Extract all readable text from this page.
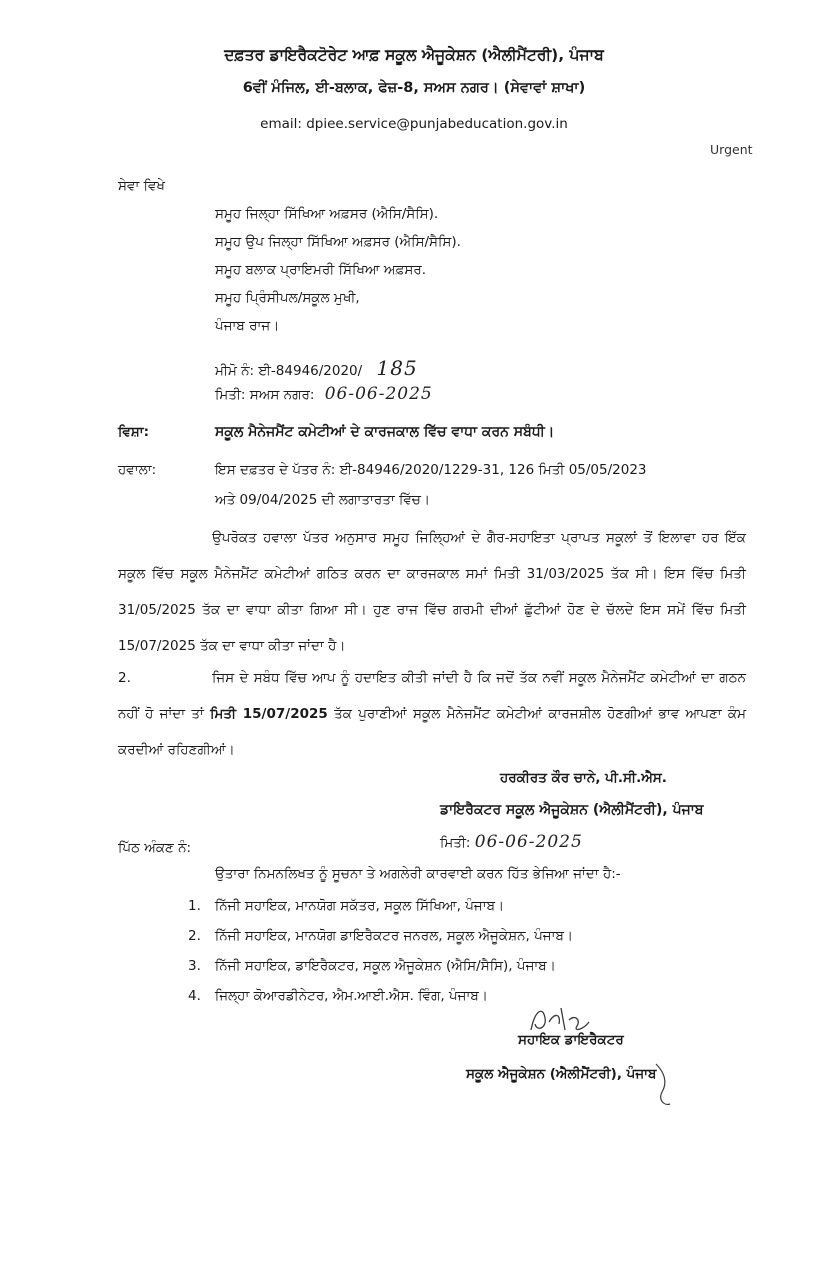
ਦਫ਼ਤਰ ਡਾਇਰੈਕਟੋਰੇਟ ਆਫ਼ ਸਕੂਲ ਐਜੂਕੇਸ਼ਨ (ਐਲੀਮੈਂਟਰੀ), ਪੰਜਾਬ
6ਵੀਂ ਮੰਜਿਲ, ਈ-ਬਲਾਕ, ਫੇਜ਼-8, ਸਅਸ ਨਗਰ। (ਸੇਵਾਵਾਂ ਸ਼ਾਖਾ)
email: dpiee.service@punjabeducation.gov.in
Urgent
ਸੇਵਾ ਵਿਖੇ
ਸਮੂਹ ਜਿਲ੍ਹਾ ਸਿੱਖਿਆ ਅਫ਼ਸਰ (ਐਸਿ/ਸੈਸਿ).
ਸਮੂਹ ਉਪ ਜਿਲ੍ਹਾ ਸਿੱਖਿਆ ਅਫ਼ਸਰ (ਐਸਿ/ਸੈਸਿ).
ਸਮੂਹ ਬਲਾਕ ਪ੍ਰਾਇਮਰੀ ਸਿੱਖਿਆ ਅਫ਼ਸਰ.
ਸਮੂਹ ਪ੍ਰਿੰਸੀਪਲ/ਸਕੂਲ ਮੁਖੀ,
ਪੰਜਾਬ ਰਾਜ।
ਮੀਮੋ ਨੰ: ਈ-84946/2020/ 185
ਮਿਤੀ: ਸਅਸ ਨਗਰ: 06-06-2025
ਵਿਸ਼ਾ:	ਸਕੂਲ ਮੈਨੇਜਮੈਂਟ ਕਮੇਟੀਆਂ ਦੇ ਕਾਰਜਕਾਲ ਵਿੱਚ ਵਾਧਾ ਕਰਨ ਸਬੰਧੀ।
ਹਵਾਲਾ:	ਇਸ ਦਫ਼ਤਰ ਦੇ ਪੱਤਰ ਨੰ: ਈ-84946/2020/1229-31, 126 ਮਿਤੀ 05/05/2023
ਅਤੇ 09/04/2025 ਦੀ ਲਗਾਤਾਰਤਾ ਵਿੱਚ।
ਉਪਰੋਕਤ ਹਵਾਲਾ ਪੱਤਰ ਅਨੁਸਾਰ ਸਮੂਹ ਜਿਲ੍ਹਿਆਂ ਦੇ ਗੈਰ-ਸਹਾਇਤਾ ਪ੍ਰਾਪਤ ਸਕੂਲਾਂ ਤੋਂ ਇਲਾਵਾ ਹਰ ਇੱਕ ਸਕੂਲ ਵਿੱਚ ਸਕੂਲ ਮੈਨੇਜਮੈਂਟ ਕਮੇਟੀਆਂ ਗਠਿਤ ਕਰਨ ਦਾ ਕਾਰਜਕਾਲ ਸਮਾਂ ਮਿਤੀ 31/03/2025 ਤੱਕ ਸੀ। ਇਸ ਵਿੱਚ ਮਿਤੀ 31/05/2025 ਤੱਕ ਦਾ ਵਾਧਾ ਕੀਤਾ ਗਿਆ ਸੀ। ਹੁਣ ਰਾਜ ਵਿੱਚ ਗਰਮੀ ਦੀਆਂ ਛੁੱਟੀਆਂ ਹੋਣ ਦੇ ਚੱਲਦੇ ਇਸ ਸਮੇਂ ਵਿੱਚ ਮਿਤੀ 15/07/2025 ਤੱਕ ਦਾ ਵਾਧਾ ਕੀਤਾ ਜਾਂਦਾ ਹੈ।
2.	ਜਿਸ ਦੇ ਸਬੰਧ ਵਿੱਚ ਆਪ ਨੂੰ ਹਦਾਇਤ ਕੀਤੀ ਜਾਂਦੀ ਹੈ ਕਿ ਜਦੋਂ ਤੱਕ ਨਵੀਂ ਸਕੂਲ ਮੈਨੇਜਮੈਂਟ ਕਮੇਟੀਆਂ ਦਾ ਗਠਨ ਨਹੀਂ ਹੋ ਜਾਂਦਾ ਤਾਂ ਮਿਤੀ 15/07/2025 ਤੱਕ ਪੁਰਾਣੀਆਂ ਸਕੂਲ ਮੈਨੇਜਮੈਂਟ ਕਮੇਟੀਆਂ ਕਾਰਜਸ਼ੀਲ ਹੋਣਗੀਆਂ ਭਾਵ ਆਪਣਾ ਕੰਮ ਕਰਦੀਆਂ ਰਹਿਣਗੀਆਂ।
ਹਰਕੀਰਤ ਕੌਰ ਚਾਨੇ, ਪੀ.ਸੀ.ਐਸ.
ਡਾਇਰੈਕਟਰ ਸਕੂਲ ਐਜੂਕੇਸ਼ਨ (ਐਲੀਮੈਂਟਰੀ), ਪੰਜਾਬ
ਮਿਤੀ: 06-06-2025
ਪਿੱਠ ਅੰਕਣ ਨੰ:
ਉਤਾਰਾ ਨਿਮਨਲਿਖਤ ਨੂੰ ਸੂਚਨਾ ਤੇ ਅਗਲੇਰੀ ਕਾਰਵਾਈ ਕਰਨ ਹਿੱਤ ਭੇਜਿਆ ਜਾਂਦਾ ਹੈ:-
1. ਨਿੱਜੀ ਸਹਾਇਕ, ਮਾਨਯੋਗ ਸਕੱਤਰ, ਸਕੂਲ ਸਿੱਖਿਆ, ਪੰਜਾਬ।
2. ਨਿੱਜੀ ਸਹਾਇਕ, ਮਾਨਯੋਗ ਡਾਇਰੈਕਟਰ ਜਨਰਲ, ਸਕੂਲ ਐਜੂਕੇਸ਼ਨ, ਪੰਜਾਬ।
3. ਨਿੱਜੀ ਸਹਾਇਕ, ਡਾਇਰੈਕਟਰ, ਸਕੂਲ ਐਜੂਕੇਸ਼ਨ (ਐਸਿ/ਸੈਸਿ), ਪੰਜਾਬ।
4. ਜਿਲ੍ਹਾ ਕੋਆਰਡੀਨੇਟਰ, ਐਮ.ਆਈ.ਐਸ. ਵਿੰਗ, ਪੰਜਾਬ।
ਸਹਾਇਕ ਡਾਇਰੈਕਟਰ
ਸਕੂਲ ਐਜੂਕੇਸ਼ਨ (ਐਲੀਮੈਂਟਰੀ), ਪੰਜਾਬ
